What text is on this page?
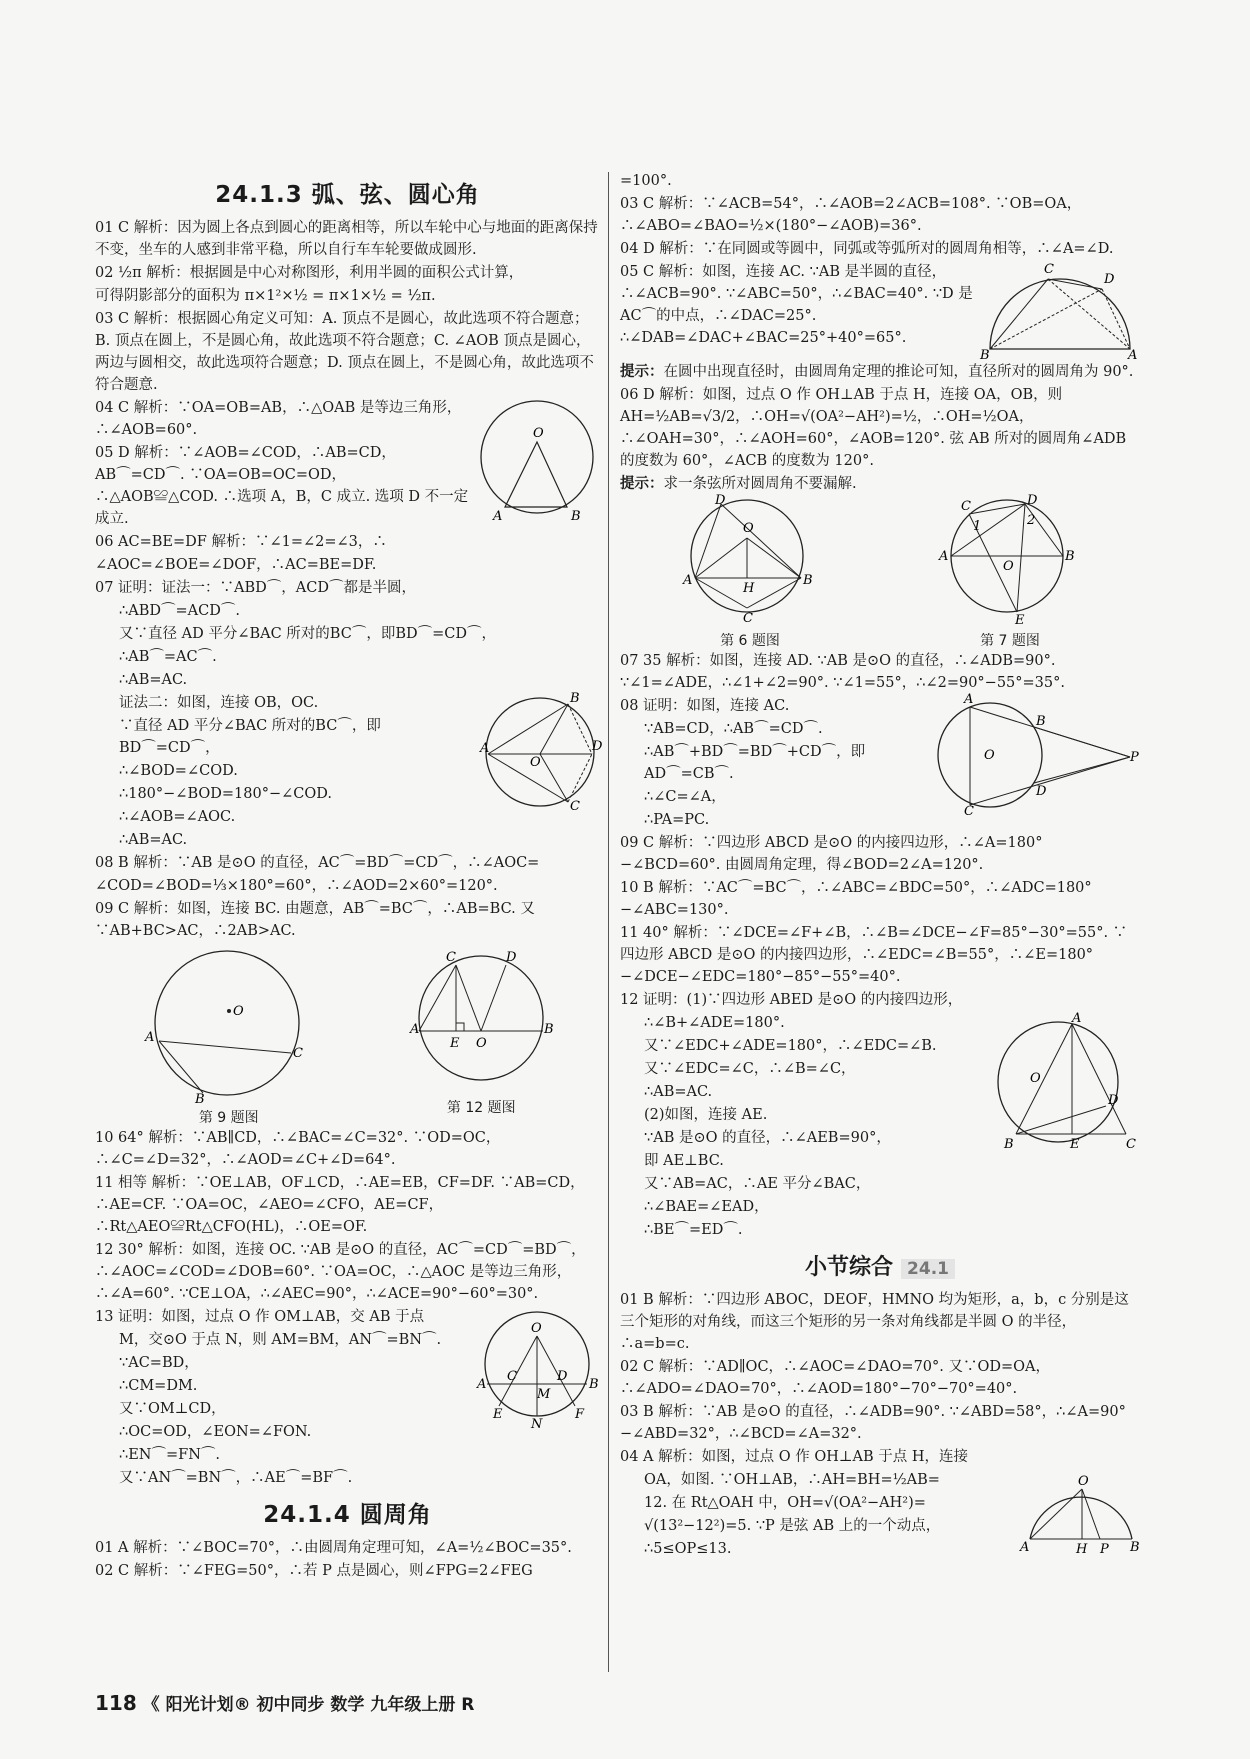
24.1.3 弧、弦、圆心角

01 C 解析：因为圆上各点到圆心的距离相等，所以车轮中心与地面的距离保持不变，坐车的人感到非常平稳，所以自行车车轮要做成圆形.

02 ½π 解析：根据圆是中心对称图形，利用半圆的面积公式计算，

可得阴影部分的面积为 π×1²×½ = π×1×½ = ½π.

03 C 解析：根据圆心角定义可知：A. 顶点不是圆心，故此选项不符合题意；B. 顶点在圆上，不是圆心角，故此选项不符合题意；C. ∠AOB 顶点是圆心，两边与圆相交，故此选项符合题意；D. 顶点在圆上，不是圆心角，故此选项不符合题意.

04 C 解析：∵OA=OB=AB，∴△OAB 是等边三角形，∴∠AOB=60°.

05 D 解析：∵∠AOB=∠COD，∴AB=CD，AB⌒=CD⌒. ∵OA=OB=OC=OD，∴△AOB≌△COD. ∴选项 A，B，C 成立. 选项 D 不一定成立.

O
A	B

06 AC=BE=DF 解析：∵∠1=∠2=∠3，∴

∠AOC=∠BOE=∠DOF，∴AC=BE=DF.

07 证明：证法一：∵ABD⌒，ACD⌒都是半圆，

∴ABD⌒=ACD⌒.

又∵直径 AD 平分∠BAC 所对的BC⌒，即BD⌒=CD⌒，

∴AB⌒=AC⌒.

∴AB=AC.

证法二：如图，连接 OB，OC.

∵直径 AD 平分∠BAC 所对的BC⌒，即BD⌒=CD⌒，

∴∠BOD=∠COD.

∴180°−∠BOD=180°−∠COD.

∴∠AOB=∠AOC.

∴AB=AC.

A
B
C
D
O

08 B 解析：∵AB 是⊙O 的直径，AC⌒=BD⌒=CD⌒，∴∠AOC=

∠COD=∠BOD=⅓×180°=60°，∴∠AOD=2×60°=120°.

09 C 解析：如图，连接 BC. 由题意，AB⌒=BC⌒，∴AB=BC. 又∵AB+BC>AC，∴2AB>AC.

O
A
B
C
第 9 题图
A
C	D
E O
B
第 12 题图

10 64° 解析：∵AB∥CD，∴∠BAC=∠C=32°. ∵OD=OC，∴∠C=∠D=32°，∴∠AOD=∠C+∠D=64°.

11 相等 解析：∵OE⊥AB，OF⊥CD，∴AE=EB，CF=DF. ∵AB=CD，∴AE=CF. ∵OA=OC，∠AEO=∠CFO，AE=CF，∴Rt△AEO≌Rt△CFO(HL)，∴OE=OF.

12 30° 解析：如图，连接 OC. ∵AB 是⊙O 的直径，AC⌒=CD⌒=BD⌒，∴∠AOC=∠COD=∠DOB=60°. ∵OA=OC，∴△AOC 是等边三角形，∴∠A=60°. ∵CE⊥OA，∴∠AEC=90°，∴∠ACE=90°−60°=30°.

13 证明：如图，过点 O 作 OM⊥AB，交 AB 于点

M，交⊙O 于点 N，则 AM=BM，AN⌒=BN⌒.

∵AC=BD，

∴CM=DM.

又∵OM⊥CD，

∴OC=OD，∠EON=∠FON.

∴EN⌒=FN⌒.

又∵AN⌒=BN⌒，∴AE⌒=BF⌒.

O
A	B
M
N
E	F
C	D
24.1.4 圆周角

01 A 解析：∵∠BOC=70°，∴由圆周角定理可知，∠A=½∠BOC=35°.

02 C 解析：∵∠FEG=50°，∴若 P 点是圆心，则∠FPG=2∠FEG

=100°.

03 C 解析：∵∠ACB=54°，∴∠AOB=2∠ACB=108°. ∵OB=OA，∴∠ABO=∠BAO=½×(180°−∠AOB)=36°.

04 D 解析：∵在同圆或等圆中，同弧或等弧所对的圆周角相等，∴∠A=∠D.

05 C 解析：如图，连接 AC. ∵AB 是半圆的直径，∴∠ACB=90°. ∵∠ABC=50°，∴∠BAC=40°. ∵D 是AC⌒的中点，∴∠DAC=25°. ∴∠DAB=∠DAC+∠BAC=25°+40°=65°.

B
C
D
A

提示：在圆中出现直径时，由圆周角定理的推论可知，直径所对的圆周角为 90°.

06 D 解析：如图，过点 O 作 OH⊥AB 于点 H，连接 OA，OB，则 AH=½AB=√3/2，∴OH=√(OA²−AH²)=½，∴OH=½OA，∴∠OAH=30°，∴∠AOH=60°，∠AOB=120°. 弦 AB 所对的圆周角∠ADB 的度数为 60°，∠ACB 的度数为 120°.

提示：求一条弦所对圆周角不要漏解.

D
O
A	B
H
C
第 6 题图
A	B
C	D
O
E
1	2
第 7 题图

07 35 解析：如图，连接 AD. ∵AB 是⊙O 的直径，∴∠ADB=90°. ∵∠1=∠ADE，∴∠1+∠2=90°. ∵∠1=55°，∴∠2=90°−55°=35°.

08 证明：如图，连接 AC.

∵AB=CD，∴AB⌒=CD⌒.

∴AB⌒+BD⌒=BD⌒+CD⌒，即AD⌒=CB⌒.

∴∠C=∠A，

∴PA=PC.

A
B
D
C
P
O

09 C 解析：∵四边形 ABCD 是⊙O 的内接四边形，∴∠A=180°−∠BCD=60°. 由圆周角定理，得∠BOD=2∠A=120°.

10 B 解析：∵AC⌒=BC⌒，∴∠ABC=∠BDC=50°，∴∠ADC=180°−∠ABC=130°.

11 40° 解析：∵∠DCE=∠F+∠B，∴∠B=∠DCE−∠F=85°−30°=55°. ∵四边形 ABCD 是⊙O 的内接四边形，∴∠EDC=∠B=55°，∴∠E=180°−∠DCE−∠EDC=180°−85°−55°=40°.

12 证明：(1)∵四边形 ABED 是⊙O 的内接四边形，

∴∠B+∠ADE=180°.

又∵∠EDC+∠ADE=180°，∴∠EDC=∠B.

又∵∠EDC=∠C，∴∠B=∠C，

∴AB=AC.

(2)如图，连接 AE.

∵AB 是⊙O 的直径，∴∠AEB=90°，

即 AE⊥BC.

又∵AB=AC，∴AE 平分∠BAC，

∴∠BAE=∠EAD，

∴BE⌒=ED⌒.

A
O
D
B	E	C
小节综合 24.1

01 B 解析：∵四边形 ABOC，DEOF，HMNO 均为矩形，a，b，c 分别是这三个矩形的对角线，而这三个矩形的另一条对角线都是半圆 O 的半径，∴a=b=c.

02 C 解析：∵AD∥OC，∴∠AOC=∠DAO=70°. 又∵OD=OA，∴∠ADO=∠DAO=70°，∴∠AOD=180°−70°−70°=40°.

03 B 解析：∵AB 是⊙O 的直径，∴∠ADB=90°. ∵∠ABD=58°，∴∠A=90°−∠ABD=32°，∴∠BCD=∠A=32°.

04 A 解析：如图，过点 O 作 OH⊥AB 于点 H，连接

OA，如图. ∵OH⊥AB，∴AH=BH=½AB=

12. 在 Rt△OAH 中，OH=√(OA²−AH²)=

√(13²−12²)=5. ∵P 是弦 AB 上的一个动点，

∴5≤OP≤13.

O
A	H P B
118 《 阳光计划® 初中同步 数学 九年级上册 R
